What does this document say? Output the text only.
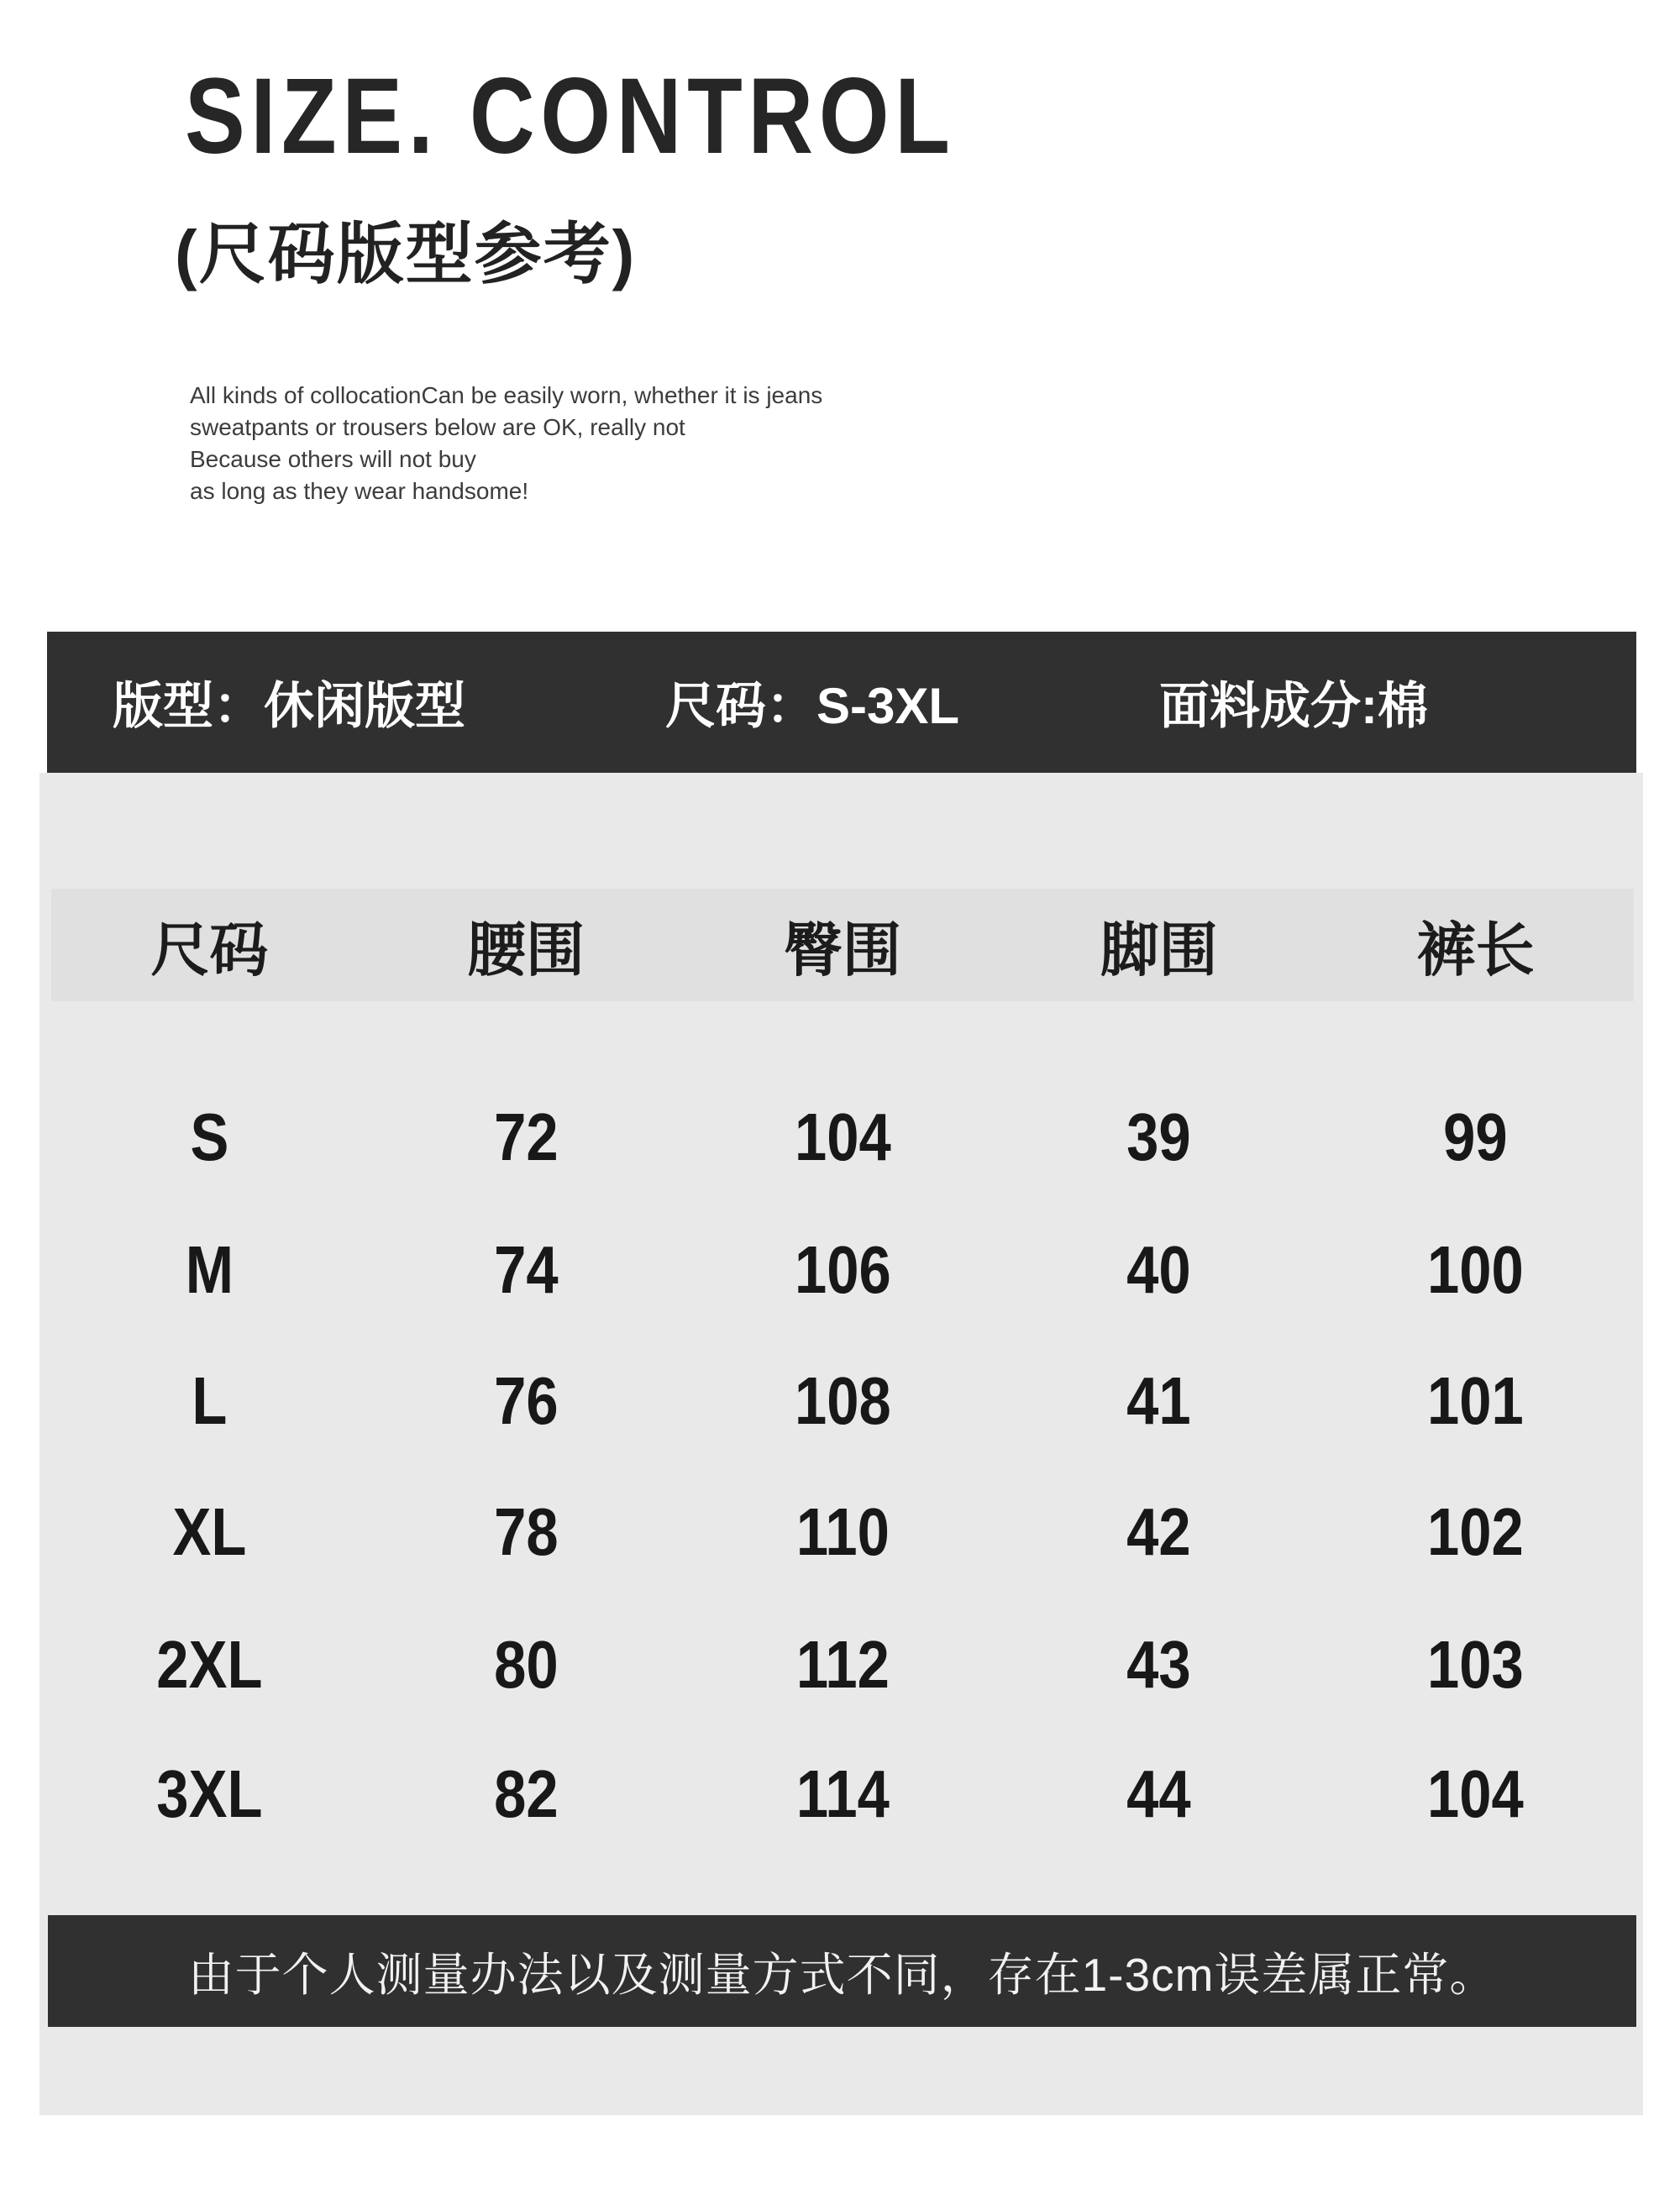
SIZE. CONTROL
(尺码版型参考)
All kinds of collocationCan be easily worn, whether it is jeans
sweatpants or trousers below are OK, really not
Because others will not buy
as long as they wear handsome!
版型：休闲版型	尺码：S-3XL	面料成分:棉
尺码	腰围	臀围	脚围	裤长
S	72	104	39	99
M	74	106	40	100
L	76	108	41	101
XL	78	110	42	102
2XL	80	112	43	103
3XL	82	114	44	104
由于个人测量办法以及测量方式不同，存在1-3cm误差属正常。
